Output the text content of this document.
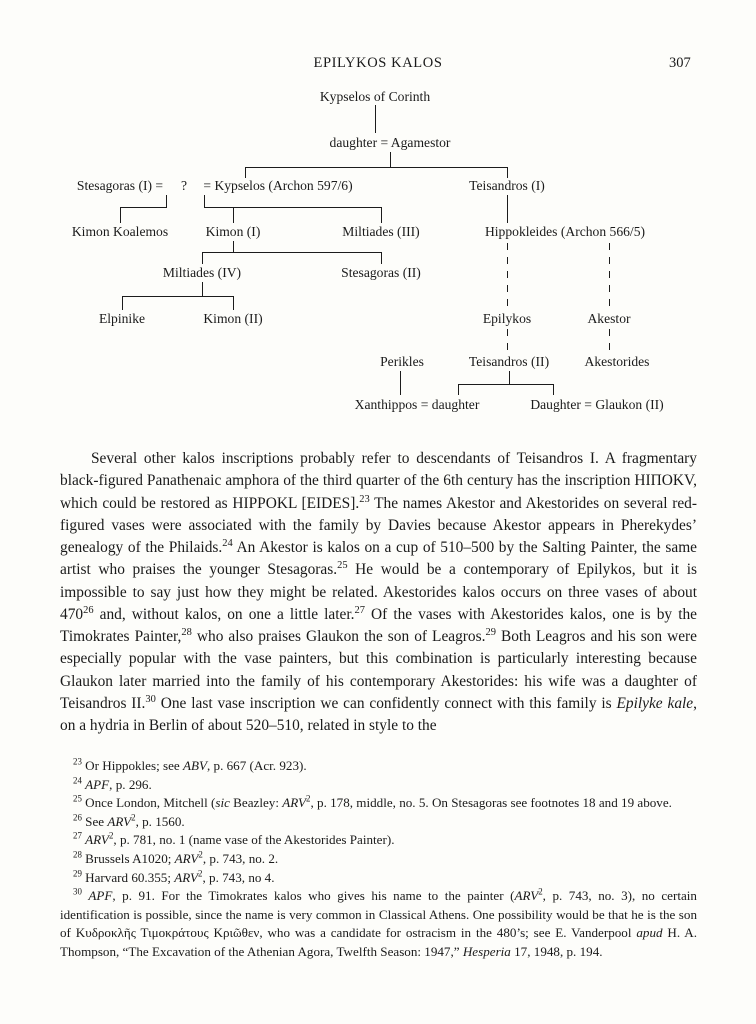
EPILYKOS KALOS	307
Kypselos of Corinth
daughter = Agamestor
Stesagoras (I) = ? = Kypselos (Archon 597/6)	Teisandros (I)
Kimon Koalemos	Kimon (I)	Miltiades (III)	Hippokleides (Archon 566/5)
Miltiades (IV)	Stesagoras (II)
Elpinike	Kimon (II)	Epilykos	Akestor
Perikles	Teisandros (II)	Akestorides
Xanthippos = daughter	Daughter = Glaukon (II)
Several other kalos inscriptions probably refer to descendants of Teisandros I. A fragmentary black-figured Panathenaic amphora of the third quarter of the 6th century has the inscription ΗΙΠΟΚV, which could be restored as HIPPOKL [EIDES].$^{23}$ The names Akestor and Akestorides on several red-figured vases were associated with the family by Davies because Akestor appears in Pherekydes’ genealogy of the Philaids.$^{24}$ An Akestor is kalos on a cup of 510–500 by the Salting Painter, the same artist who praises the younger Stesagoras.$^{25}$ He would be a contemporary of Epilykos, but it is impossible to say just how they might be related. Akestorides kalos occurs on three vases of about $470^{26}$ and, without kalos, on one a little later.$^{27}$ Of the vases with Akestorides kalos, one is by the Timokrates Painter,$^{28}$ who also praises Glaukon the son of Leagros.$^{29}$ Both Leagros and his son were especially popular with the vase painters, but this combination is particularly interesting because Glaukon later married into the family of his contemporary Akestorides: his wife was a daughter of Teisandros II.$^{30}$ One last vase inscription we can confidently connect with this family is Epilyke kale, on a hydria in Berlin of about 520–510, related in style to the
$^{23}$ Or Hippokles; see ABV, p. 667 (Acr. 923).
$^{24}$ APF, p. 296.
$^{25}$ Once London, Mitchell (sic Beazley: ARV$^2$, p. 178, middle, no. 5. On Stesagoras see footnotes 18 and 19 above.
$^{26}$ See ARV$^2$, p. 1560.
$^{27}$ ARV$^2$, p. 781, no. 1 (name vase of the Akestorides Painter).
$^{28}$ Brussels A1020; ARV$^2$, p. 743, no. 2.
$^{29}$ Harvard 60.355; ARV$^2$, p. 743, no 4.
$^{30}$ APF, p. 91. For the Timokrates kalos who gives his name to the painter (ARV$^2$, p. 743, no. 3), no certain identification is possible, since the name is very common in Classical Athens. One possibility would be that he is the son of Κυδροκλῆς Τιμοκράτους Κριῶθεν, who was a candidate for ostracism in the 480’s; see E. Vanderpool apud H. A. Thompson, “The Excavation of the Athenian Agora, Twelfth Season: 1947,” Hesperia 17, 1948, p. 194.
